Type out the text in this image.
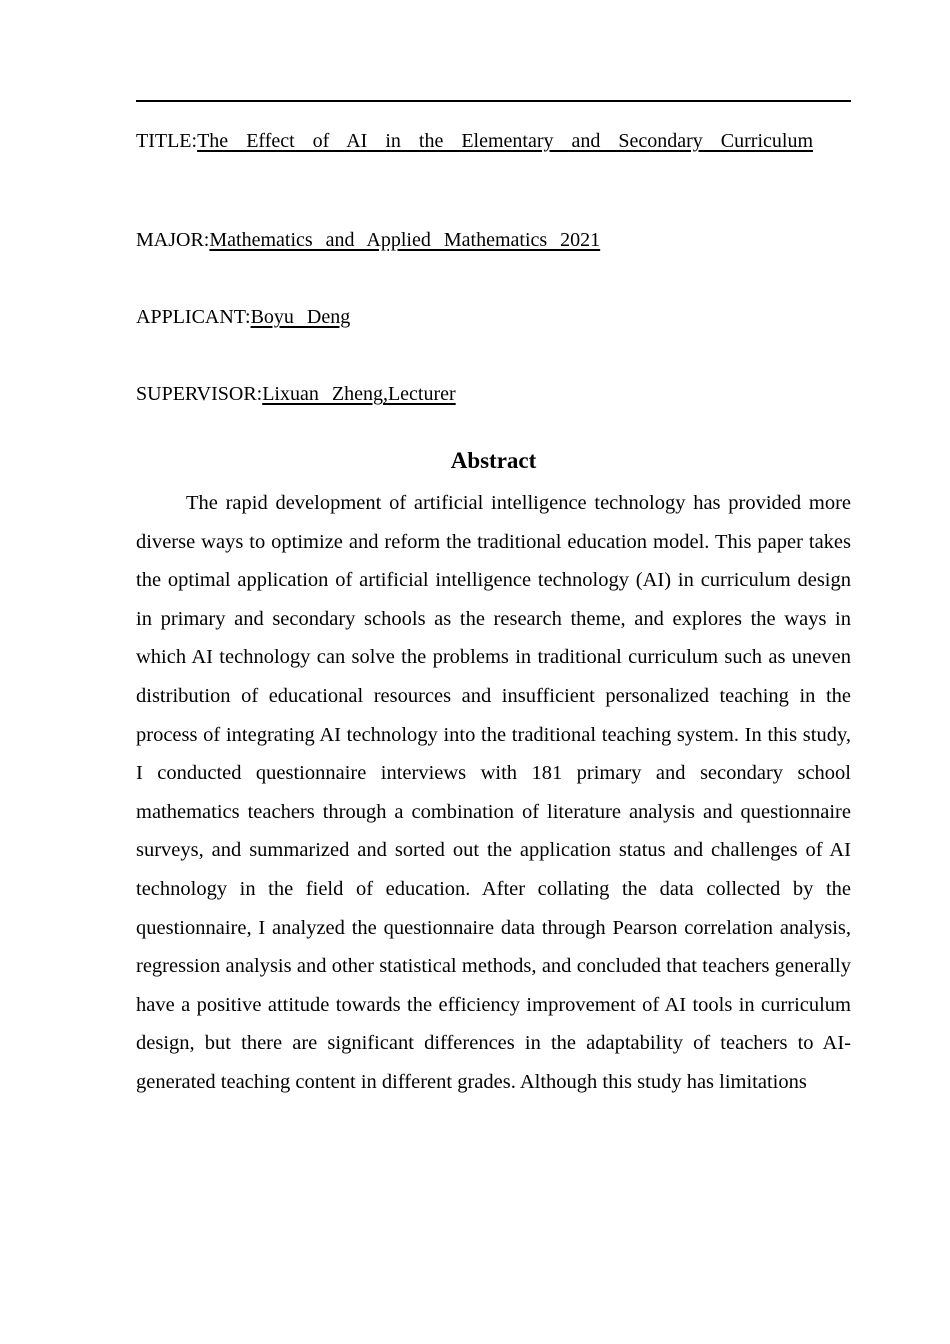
TITLE:The Effect of AI in the Elementary and Secondary Curriculum
MAJOR:Mathematics and Applied Mathematics 2021
APPLICANT:Boyu Deng
SUPERVISOR:Lixuan Zheng,Lecturer
Abstract

The rapid development of artificial intelligence technology has provided more diverse ways to optimize and reform the traditional education model. This paper takes the optimal application of artificial intelligence technology (AI) in curriculum design in primary and secondary schools as the research theme, and explores the ways in which AI technology can solve the problems in traditional curriculum such as uneven distribution of educational resources and insufficient personalized teaching in the process of integrating AI technology into the traditional teaching system. In this study, I conducted questionnaire interviews with 181 primary and secondary school mathematics teachers through a combination of literature analysis and questionnaire surveys, and summarized and sorted out the application status and challenges of AI technology in the field of education. After collating the data collected by the questionnaire, I analyzed the questionnaire data through Pearson correlation analysis, regression analysis and other statistical methods, and concluded that teachers generally have a positive attitude towards the efficiency improvement of AI tools in curriculum design, but there are significant differences in the adaptability of teachers to AI-generated teaching content in different grades. Although this study has limitations
